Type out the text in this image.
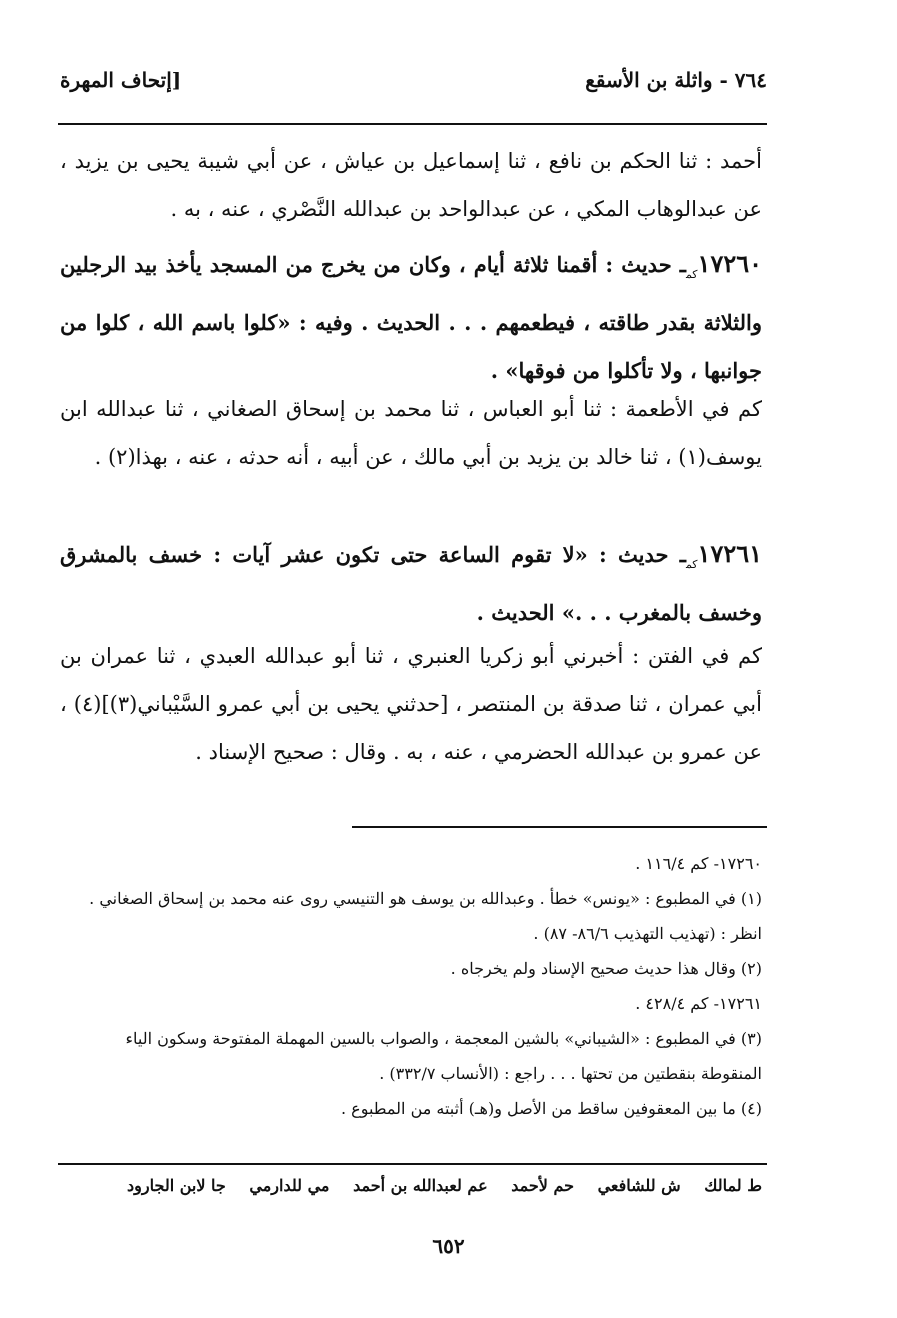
٧٦٤ - واثلة بن الأسقع
[إتحاف المهرة
أحمد : ثنا الحكم بن نافع ، ثنا إسماعيل بن عياش ، عن أبي شيبة يحيى بن يزيد ، عن عبدالوهاب المكي ، عن عبدالواحد بن عبدالله النَّصْري ، عنه ، به .
$١٧٢٦٠_{كم}ـ$ حديث : أقمنا ثلاثة أيام ، وكان من يخرج من المسجد يأخذ بيد الرجلين والثلاثة بقدر طاقته ، فيطعمهم . . . الحديث . وفيه : «كلوا باسم الله ، كلوا من جوانبها ، ولا تأكلوا من فوقها» .
كم في الأطعمة : ثنا أبو العباس ، ثنا محمد بن إسحاق الصغاني ، ثنا عبدالله ابن يوسف(١) ، ثنا خالد بن يزيد بن أبي مالك ، عن أبيه ، أنه حدثه ، عنه ، بهذا(٢) .
$١٧٢٦١_{كم}ـ$ حديث : «لا تقوم الساعة حتى تكون عشر آيات : خسف بالمشرق وخسف بالمغرب . . .» الحديث .
كم في الفتن : أخبرني أبو زكريا العنبري ، ثنا أبو عبدالله العبدي ، ثنا عمران بن أبي عمران ، ثنا صدقة بن المنتصر ، [حدثني يحيى بن أبي عمرو السَّيْباني(٣)](٤) ، عن عمرو بن عبدالله الحضرمي ، عنه ، به . وقال : صحيح الإسناد .

١٧٢٦٠- كم ١١٦/٤ .

(١) في المطبوع : «يونس» خطأ . وعبدالله بن يوسف هو التنيسي روى عنه محمد بن إسحاق الصغاني . انظر : (تهذيب التهذيب ٨٦/٦- ٨٧) .

(٢) وقال هذا حديث صحيح الإسناد ولم يخرجاه .

١٧٢٦١- كم ٤٢٨/٤ .

(٣) في المطبوع : «الشيباني» بالشين المعجمة ، والصواب بالسين المهملة المفتوحة وسكون الياء المنقوطة بنقطتين من تحتها . . . راجع : (الأنساب ٣٣٢/٧) .

(٤) ما بين المعقوفين ساقط من الأصل و(هـ) أثبته من المطبوع .

ط لمالك ش للشافعي حم لأحمد عم لعبدالله بن أحمد مي للدارمي جا لابن الجارود
٦٥٢
